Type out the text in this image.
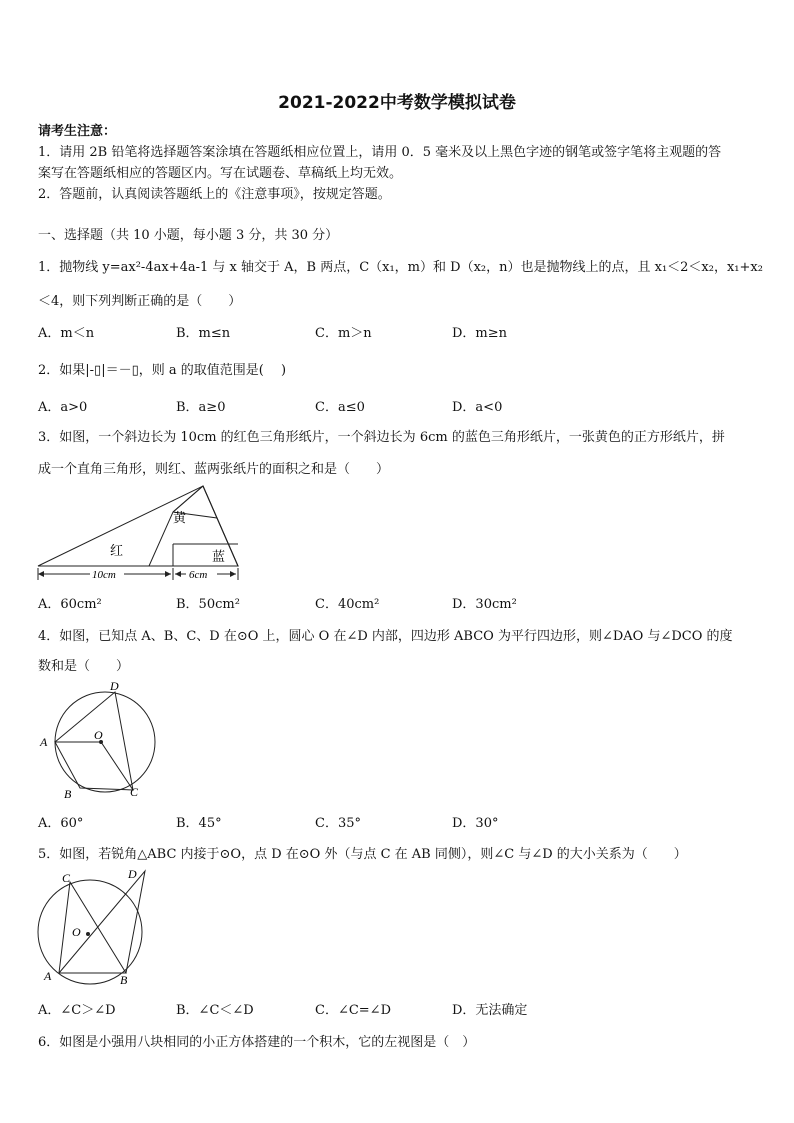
2021-2022中考数学模拟试卷
请考生注意：
1．请用 2B 铅笔将选择题答案涂填在答题纸相应位置上，请用 0．5 毫米及以上黑色字迹的钢笔或签字笔将主观题的答
案写在答题纸相应的答题区内。写在试题卷、草稿纸上均无效。
2．答题前，认真阅读答题纸上的《注意事项》，按规定答题。
一、选择题（共 10 小题，每小题 3 分，共 30 分）
1．抛物线 y=ax²-4ax+4a-1 与 x 轴交于 A，B 两点，C（x₁，m）和 D（x₂，n）也是抛物线上的点，且 x₁＜2＜x₂，x₁+x₂
＜4，则下列判断正确的是（　　）
A．m＜n	B．m≤n	C．m＞n	D．m≥n
2．如果|-▯|＝－▯，则 a 的取值范围是(　 )
A．a>0	B．a≥0	C．a≤0	D．a<0
3．如图，一个斜边长为 10cm 的红色三角形纸片，一个斜边长为 6cm 的蓝色三角形纸片，一张黄色的正方形纸片，拼
成一个直角三角形，则红、蓝两张纸片的面积之和是（　　）
红
黄
蓝
10cm	6cm
A．60cm²	B．50cm²	C．40cm²	D．30cm²
4．如图，已知点 A、B、C、D 在⊙O 上，圆心 O 在∠D 内部，四边形 ABCO 为平行四边形，则∠DAO 与∠DCO 的度
数和是（　　）
A
B	C
D
O
A．60°	B．45°	C．35°	D．30°
5．如图，若锐角△ABC 内接于⊙O，点 D 在⊙O 外（与点 C 在 AB 同侧），则∠C 与∠D 的大小关系为（　　）
A	B
C	D
O
A．∠C＞∠D	B．∠C＜∠D	C．∠C=∠D	D．无法确定
6．如图是小强用八块相同的小正方体搭建的一个积木，它的左视图是（　）
